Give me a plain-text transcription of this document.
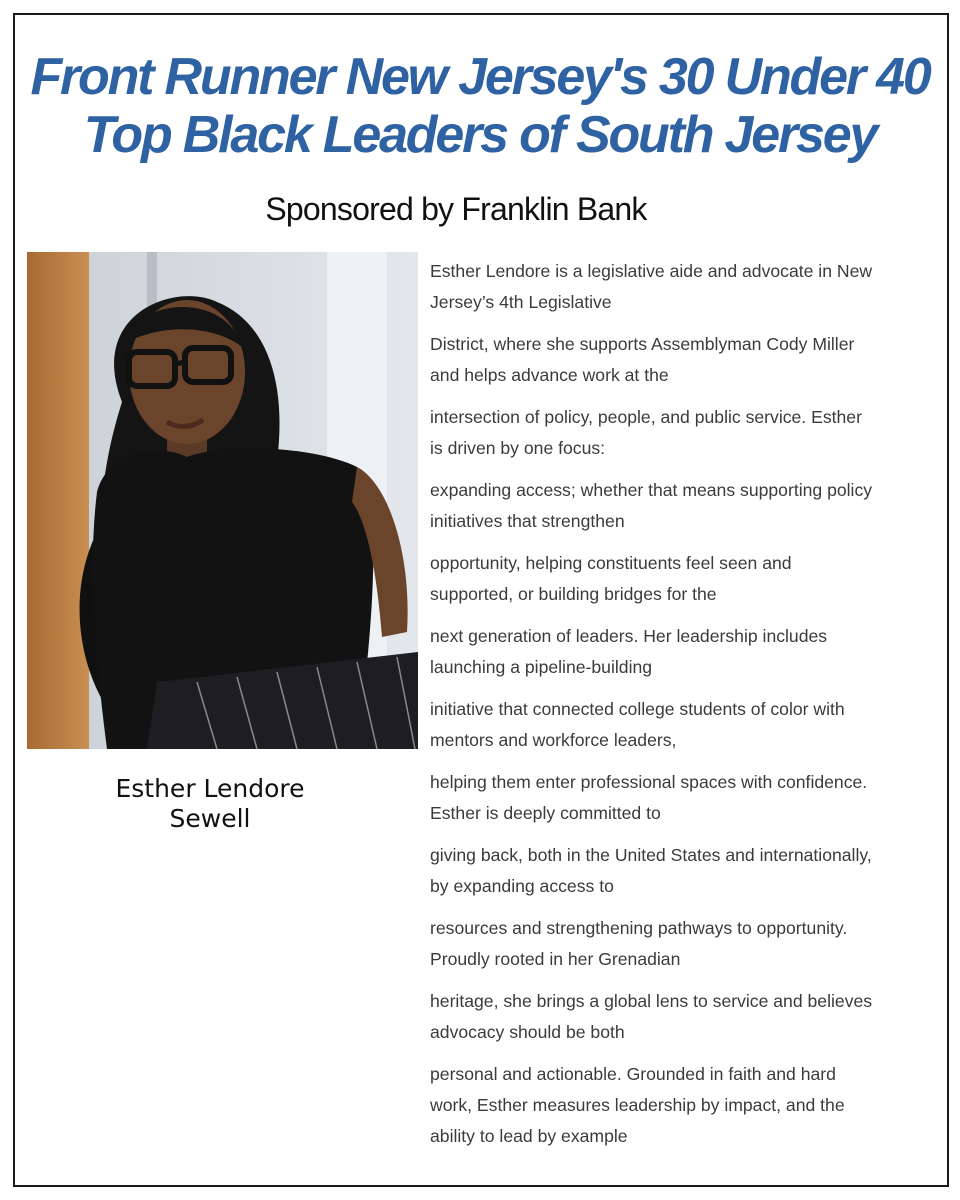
Front Runner New Jersey's 30 Under 40
Top Black Leaders of South Jersey
Sponsored by Franklin Bank
Esther Lendore
Sewell

Esther Lendore is a legislative aide and advocate in New
Jersey’s 4th Legislative

District, where she supports Assemblyman Cody Miller
and helps advance work at the

intersection of policy, people, and public service. Esther
is driven by one focus:

expanding access; whether that means supporting policy
initiatives that strengthen

opportunity, helping constituents feel seen and
supported, or building bridges for the

next generation of leaders. Her leadership includes
launching a pipeline-building

initiative that connected college students of color with
mentors and workforce leaders,

helping them enter professional spaces with confidence.
Esther is deeply committed to

giving back, both in the United States and internationally,
by expanding access to

resources and strengthening pathways to opportunity.
Proudly rooted in her Grenadian

heritage, she brings a global lens to service and believes
advocacy should be both

personal and actionable. Grounded in faith and hard
work, Esther measures leadership by impact, and the
ability to lead by example
